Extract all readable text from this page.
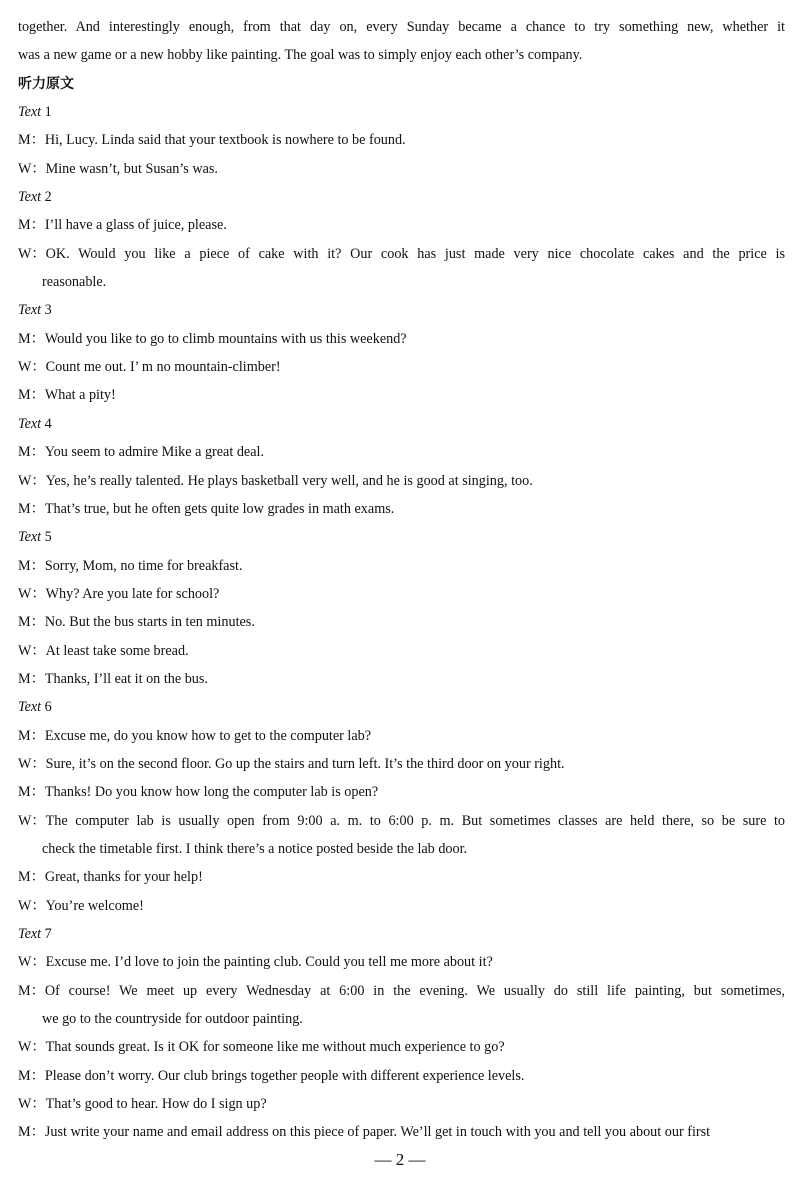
together. And interestingly enough, from that day on, every Sunday became a chance to try something new, whether it
was a new game or a new hobby like painting. The goal was to simply enjoy each other’s company.
听力原文
Text 1
M： Hi, Lucy. Linda said that your textbook is nowhere to be found.
W： Mine wasn’t, but Susan’s was.
Text 2
M： I’ll have a glass of juice, please.
W： OK. Would you like a piece of cake with it? Our cook has just made very nice chocolate cakes and the price is
reasonable.
Text 3
M： Would you like to go to climb mountains with us this weekend?
W： Count me out. I’ m no mountain-climber!
M： What a pity!
Text 4
M： You seem to admire Mike a great deal.
W： Yes, he’s really talented. He plays basketball very well, and he is good at singing, too.
M： That’s true, but he often gets quite low grades in math exams.
Text 5
M： Sorry, Mom, no time for breakfast.
W： Why? Are you late for school?
M： No. But the bus starts in ten minutes.
W： At least take some bread.
M： Thanks, I’ll eat it on the bus.
Text 6
M： Excuse me, do you know how to get to the computer lab?
W： Sure, it’s on the second floor. Go up the stairs and turn left. It’s the third door on your right.
M： Thanks! Do you know how long the computer lab is open?
W： The computer lab is usually open from 9:00 a. m. to 6:00 p. m. But sometimes classes are held there, so be sure to
check the timetable first. I think there’s a notice posted beside the lab door.
M： Great, thanks for your help!
W： You’re welcome!
Text 7
W： Excuse me. I’d love to join the painting club. Could you tell me more about it?
M： Of course! We meet up every Wednesday at 6:00 in the evening. We usually do still life painting, but sometimes,
we go to the countryside for outdoor painting.
W： That sounds great. Is it OK for someone like me without much experience to go?
M： Please don’t worry. Our club brings together people with different experience levels.
W： That’s good to hear. How do I sign up?
M： Just write your name and email address on this piece of paper. We’ll get in touch with you and tell you about our first
— 2 —
